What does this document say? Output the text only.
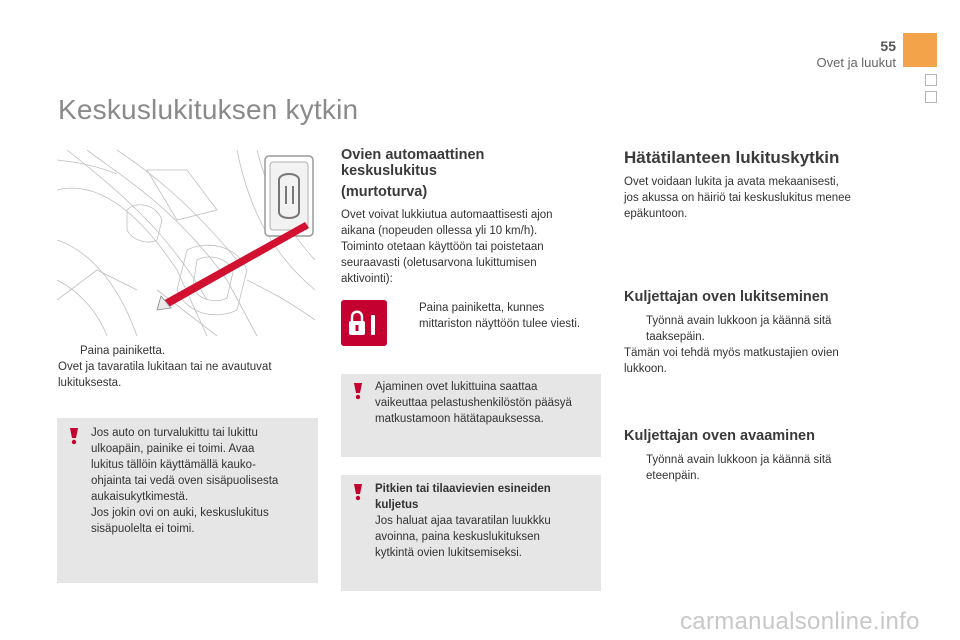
55
Ovet ja luukut
Keskuslukituksen kytkin
Paina painiketta.
Ovet ja tavaratila lukitaan tai ne avautuvat lukituksesta.
Jos auto on turvalukittu tai lukittu
ulkoapäin, painike ei toimi. Avaa
lukitus tällöin käyttämällä kauko-
ohjainta tai vedä oven sisäpuolisesta
aukaisukytkimestä.
Jos jokin ovi on auki, keskuslukitus
sisäpuolelta ei toimi.
Ovien automaattinen
keskuslukitus
(murtoturva)
Ovet voivat lukkiutua automaattisesti ajon
aikana (nopeuden ollessa yli 10 km/h).
Toiminto otetaan käyttöön tai poistetaan
seuraavasti (oletusarvona lukittumisen
aktivointi):
Paina painiketta, kunnes
mittariston näyttöön tulee viesti.
Ajaminen ovet lukittuina saattaa
vaikeuttaa pelastushenkilöstön pääsyä
matkustamoon hätätapauksessa.
Pitkien tai tilaavievien esineiden
kuljetus
Jos haluat ajaa tavaratilan luukkku
avoinna, paina keskuslukituksen
kytkintä ovien lukitsemiseksi.
Hätätilanteen lukituskytkin
Ovet voidaan lukita ja avata mekaanisesti,
jos akussa on häiriö tai keskuslukitus menee
epäkuntoon.
Kuljettajan oven lukitseminen
Työnnä avain lukkoon ja käännä sitä
taaksepäin.
Tämän voi tehdä myös matkustajien ovien
lukkoon.
Kuljettajan oven avaaminen
Työnnä avain lukkoon ja käännä sitä
eteenpäin.
carmanualsonline.info
